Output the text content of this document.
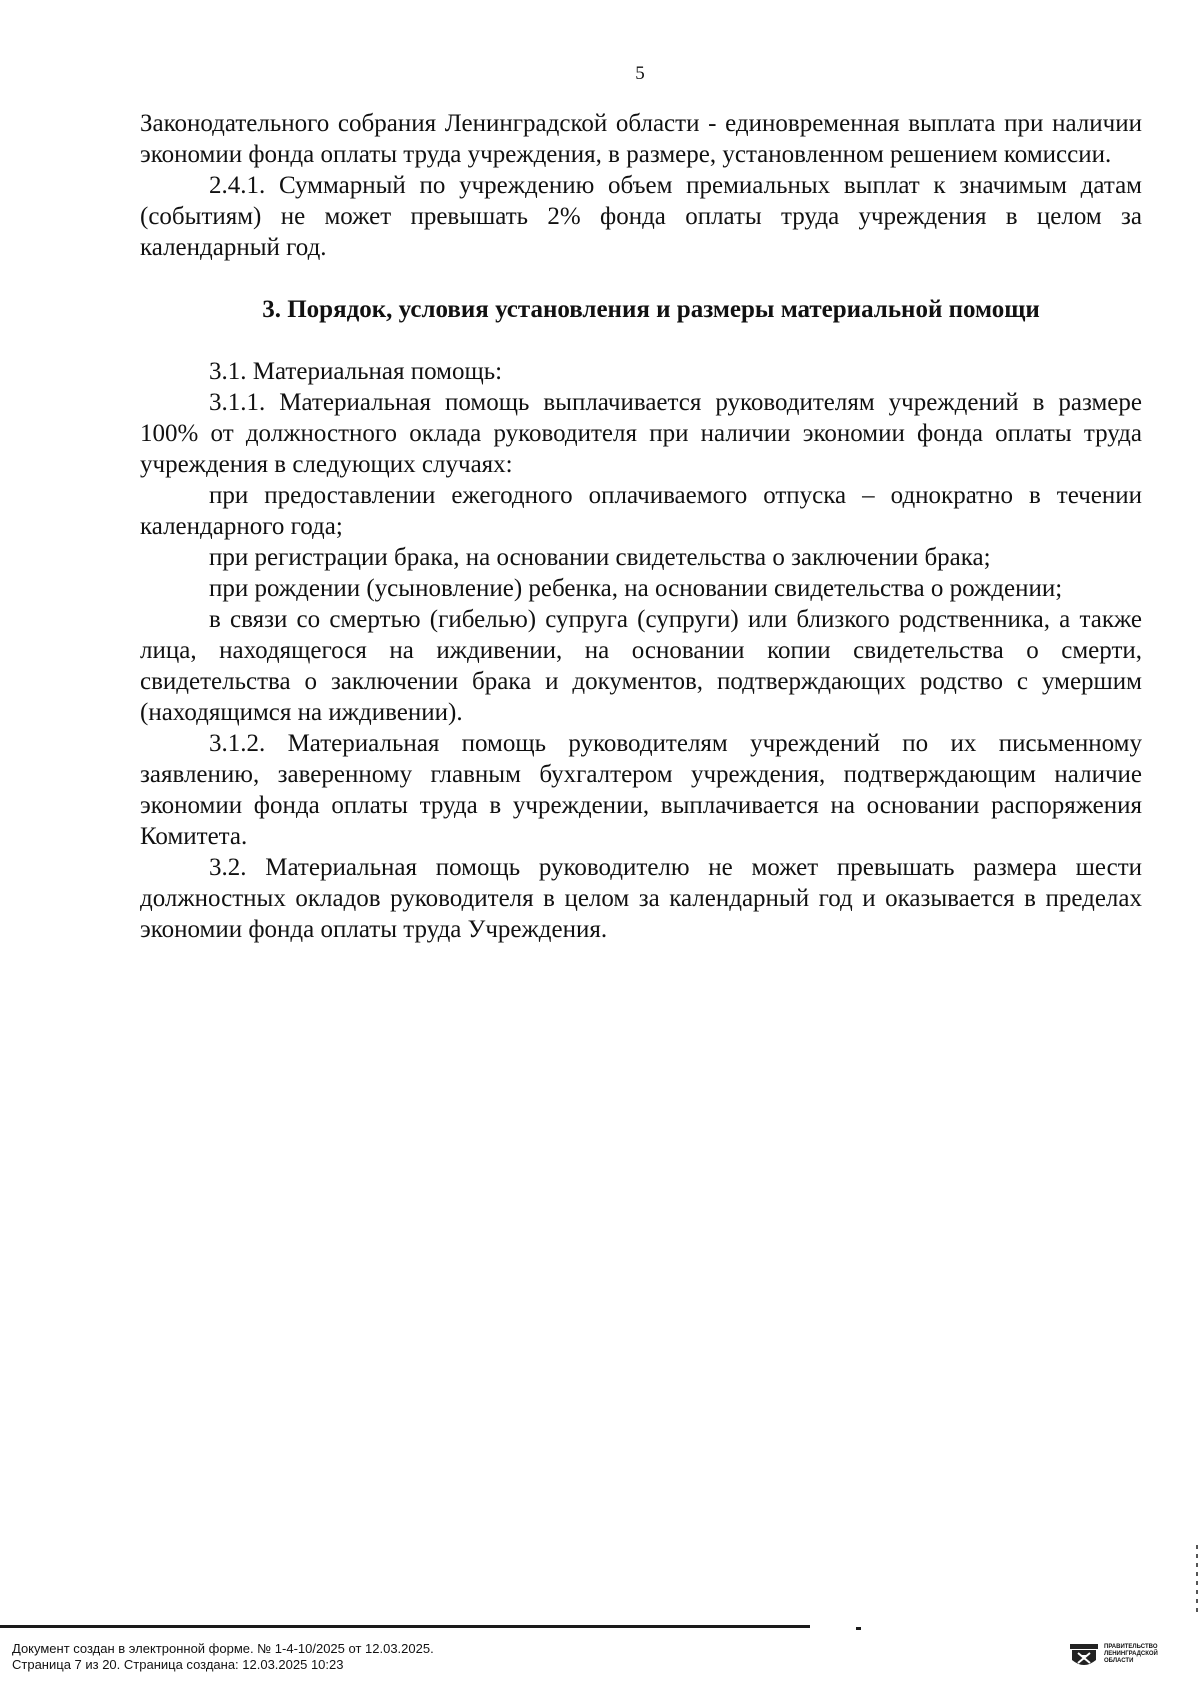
5

Законодательного собрания Ленинградской области - единовременная выплата при наличии экономии фонда оплаты труда учреждения, в размере, установленном решением комиссии.

2.4.1. Суммарный по учреждению объем премиальных выплат к значимым датам (событиям) не может превышать 2% фонда оплаты труда учреждения в целом за календарный год.

3. Порядок, условия установления и размеры материальной помощи

3.1. Материальная помощь:

3.1.1. Материальная помощь выплачивается руководителям учреждений в размере 100% от должностного оклада руководителя при наличии экономии фонда оплаты труда учреждения в следующих случаях:

при предоставлении ежегодного оплачиваемого отпуска – однократно в течении календарного года;

при регистрации брака, на основании свидетельства о заключении брака;

при рождении (усыновление) ребенка, на основании свидетельства о рождении;

в связи со смертью (гибелью) супруга (супруги) или близкого родственника, а также лица, находящегося на иждивении, на основании копии свидетельства о смерти, свидетельства о заключении брака и документов, подтверждающих родство с умершим (находящимся на иждивении).

3.1.2. Материальная помощь руководителям учреждений по их письменному заявлению, заверенному главным бухгалтером учреждения, подтверждающим наличие экономии фонда оплаты труда в учреждении, выплачивается на основании распоряжения Комитета.

3.2. Материальная помощь руководителю не может превышать размера шести должностных окладов руководителя в целом за календарный год и оказывается в пределах экономии фонда оплаты труда Учреждения.

Документ создан в электронной форме. № 1-4-10/2025 от 12.03.2025.
Страница 7 из 20. Страница создана: 12.03.2025 10:23
ПРАВИТЕЛЬСТВО
ЛЕНИНГРАДСКОЙ
ОБЛАСТИ
